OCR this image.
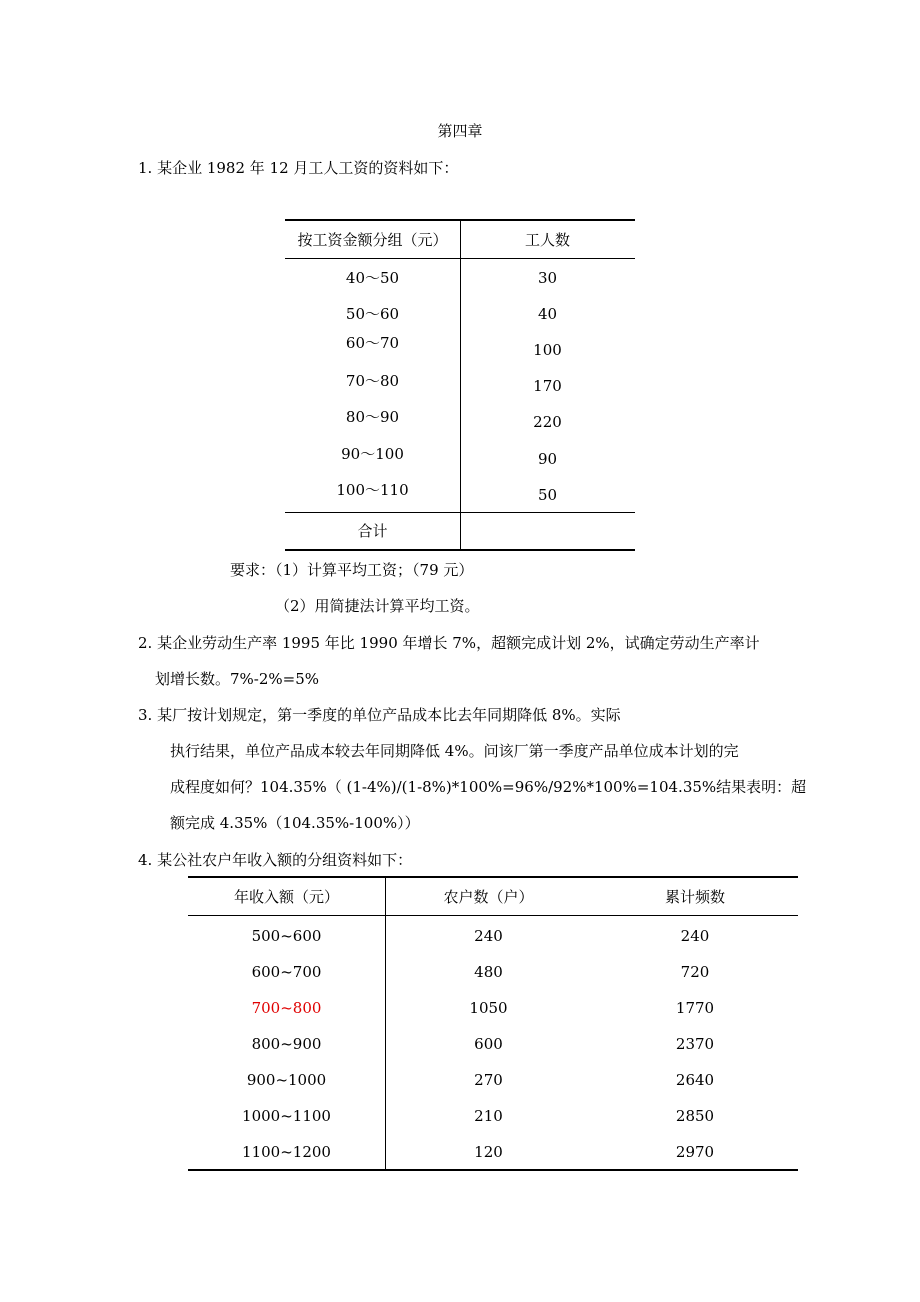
第四章
1. 某企业 1982 年 12 月工人工资的资料如下：
按工资金额分组（元）	工人数
40～50	30
50～60	40
60～70	100
70～80	170
80～90	220
90～100	90
100～110	50
合计
要求：（1）计算平均工资；（79 元）
（2）用简捷法计算平均工资。
2. 某企业劳动生产率 1995 年比 1990 年增长 7%，超额完成计划 2%，试确定劳动生产率计
划增长数。7%-2%=5%
3. 某厂按计划规定，第一季度的单位产品成本比去年同期降低 8%。实际
执行结果，单位产品成本较去年同期降低 4%。问该厂第一季度产品单位成本计划的完
成程度如何？104.35%（ (1-4%)/(1-8%)*100%=96%/92%*100%=104.35%结果表明：超
额完成 4.35%（104.35%-100%））
4. 某公社农户年收入额的分组资料如下：
年收入额（元）	农户数（户）	累计频数
500~600	240	240
600~700	480	720
700~800	1050	1770
800~900	600	2370
900~1000	270	2640
1000~1100	210	2850
1100~1200	120	2970
